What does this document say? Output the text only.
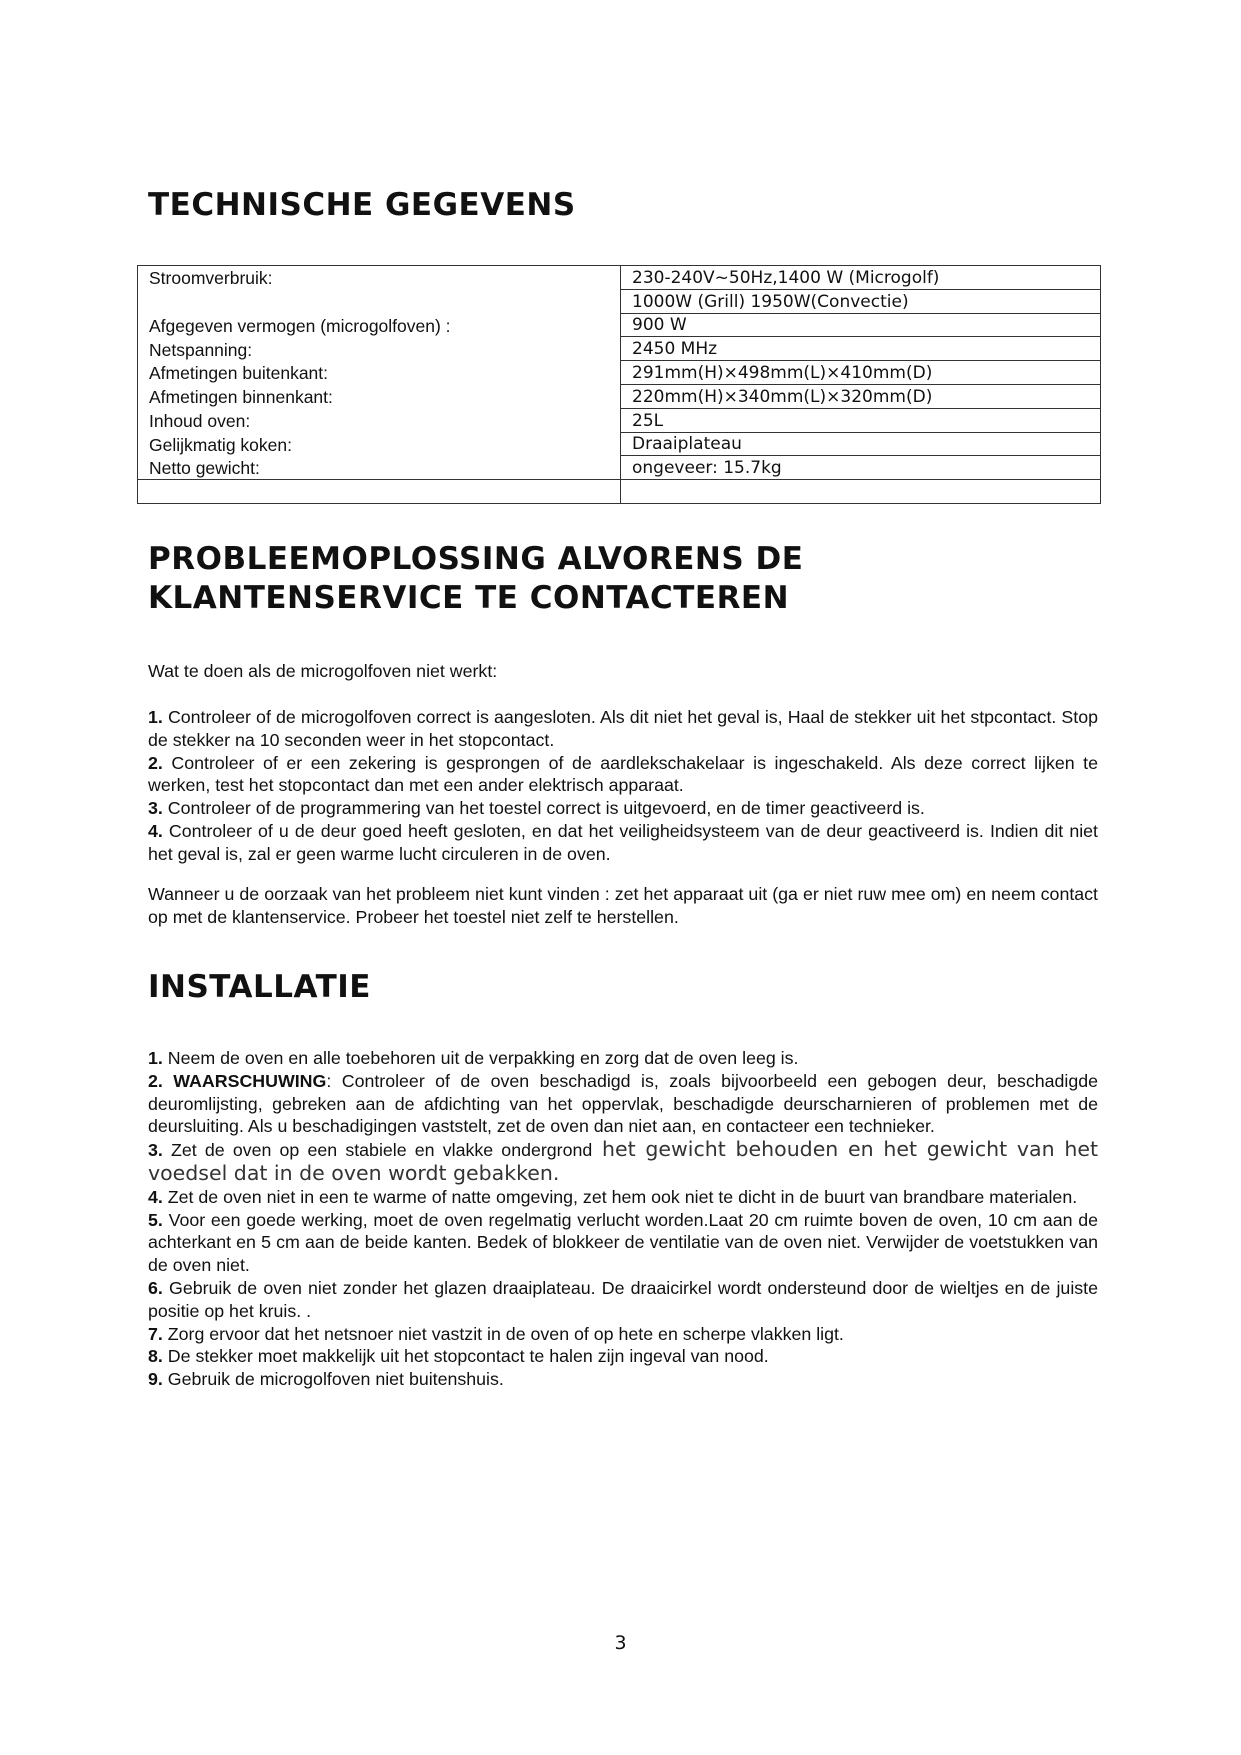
TECHNISCHE GEGEVENS
Stroomverbruik:	230-240V~50Hz,1400 W (Microgolf)
	1000W (Grill) 1950W(Convectie)
Afgegeven vermogen (microgolfoven) :	900 W
Netspanning:	2450 MHz
Afmetingen buitenkant:	291mm(H)×498mm(L)×410mm(D)
Afmetingen binnenkant:	220mm(H)×340mm(L)×320mm(D)
Inhoud oven:	25L
Gelijkmatig koken:	Draaiplateau
Netto gewicht:	ongeveer: 15.7kg

PROBLEEMOPLOSSING ALVORENS DE
KLANTENSERVICE TE CONTACTEREN
Wat te doen als de microgolfoven niet werkt:

1. Controleer of de microgolfoven correct is aangesloten. Als dit niet het geval is, Haal de stekker uit het stpcontact. Stop de stekker na 10 seconden weer in het stopcontact.

2. Controleer of er een zekering is gesprongen of de aardlekschakelaar is ingeschakeld. Als deze correct lijken te werken, test het stopcontact dan met een ander elektrisch apparaat.

3. Controleer of de programmering van het toestel correct is uitgevoerd, en de timer geactiveerd is.

4. Controleer of u de deur goed heeft gesloten, en dat het veiligheidsysteem van de deur geactiveerd is. Indien dit niet het geval is, zal er geen warme lucht circuleren in de oven.

Wanneer u de oorzaak van het probleem niet kunt vinden : zet het apparaat uit (ga er niet ruw mee om) en neem contact op met de klantenservice. Probeer het toestel niet zelf te herstellen.
INSTALLATIE

1. Neem de oven en alle toebehoren uit de verpakking en zorg dat de oven leeg is.

2. WAARSCHUWING: Controleer of de oven beschadigd is, zoals bijvoorbeeld een gebogen deur, beschadigde deuromlijsting, gebreken aan de afdichting van het oppervlak, beschadigde deurscharnieren of problemen met de deursluiting. Als u beschadigingen vaststelt, zet de oven dan niet aan, en contacteer een technieker.

3. Zet de oven op een stabiele en vlakke ondergrond het gewicht behouden en het gewicht van het voedsel dat in de oven wordt gebakken.

4. Zet de oven niet in een te warme of natte omgeving, zet hem ook niet te dicht in de buurt van brandbare materialen.

5. Voor een goede werking, moet de oven regelmatig verlucht worden.Laat 20 cm ruimte boven de oven, 10 cm aan de achterkant en 5 cm aan de beide kanten. Bedek of blokkeer de ventilatie van de oven niet. Verwijder de voetstukken van de oven niet.

6. Gebruik de oven niet zonder het glazen draaiplateau. De draaicirkel wordt ondersteund door de wieltjes en de juiste positie op het kruis. .

7. Zorg ervoor dat het netsnoer niet vastzit in de oven of op hete en scherpe vlakken ligt.

8. De stekker moet makkelijk uit het stopcontact te halen zijn ingeval van nood.

9. Gebruik de microgolfoven niet buitenshuis.

3
